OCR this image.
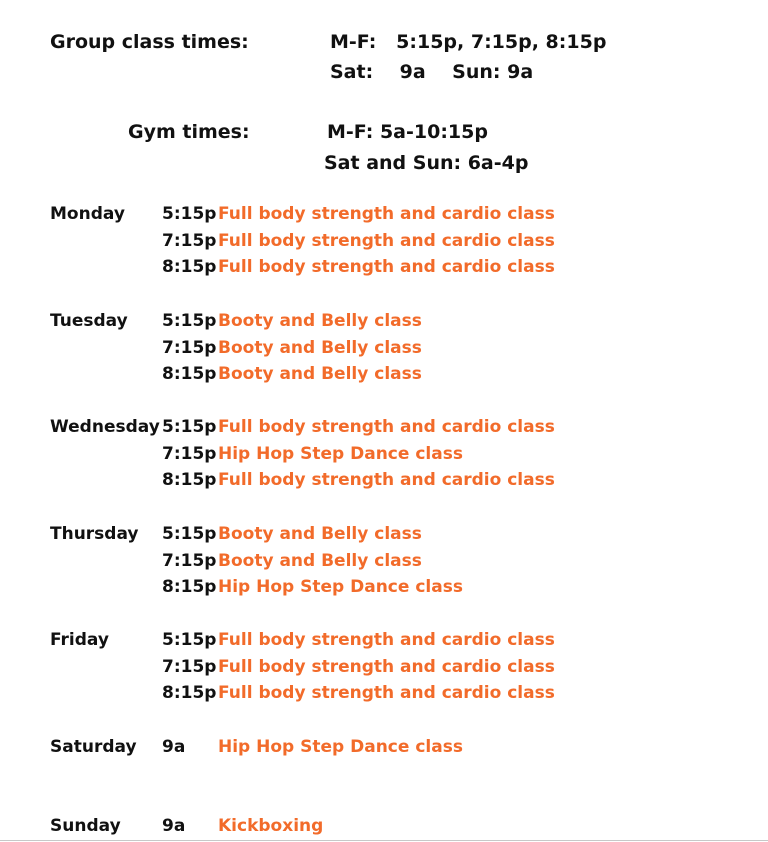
Group class times:	M-F:   5:15p, 7:15p, 8:15p
Sat:    9a    Sun: 9a
Gym times:	M-F: 5a-10:15p
Sat and Sun: 6a-4p
Monday 5:15p Full body strength and cardio class
7:15p Full body strength and cardio class
8:15p Full body strength and cardio class
Tuesday 5:15p Booty and Belly class
7:15p Booty and Belly class
8:15p Booty and Belly class
Wednesday 5:15p Full body strength and cardio class
7:15p Hip Hop Step Dance class
8:15p Full body strength and cardio class
Thursday 5:15p Booty and Belly class
7:15p Booty and Belly class
8:15p Hip Hop Step Dance class
Friday	5:15p Full body strength and cardio class
7:15p Full body strength and cardio class
8:15p Full body strength and cardio class
Saturday 9a Hip Hop Step Dance class
Sunday 9a Kickboxing
